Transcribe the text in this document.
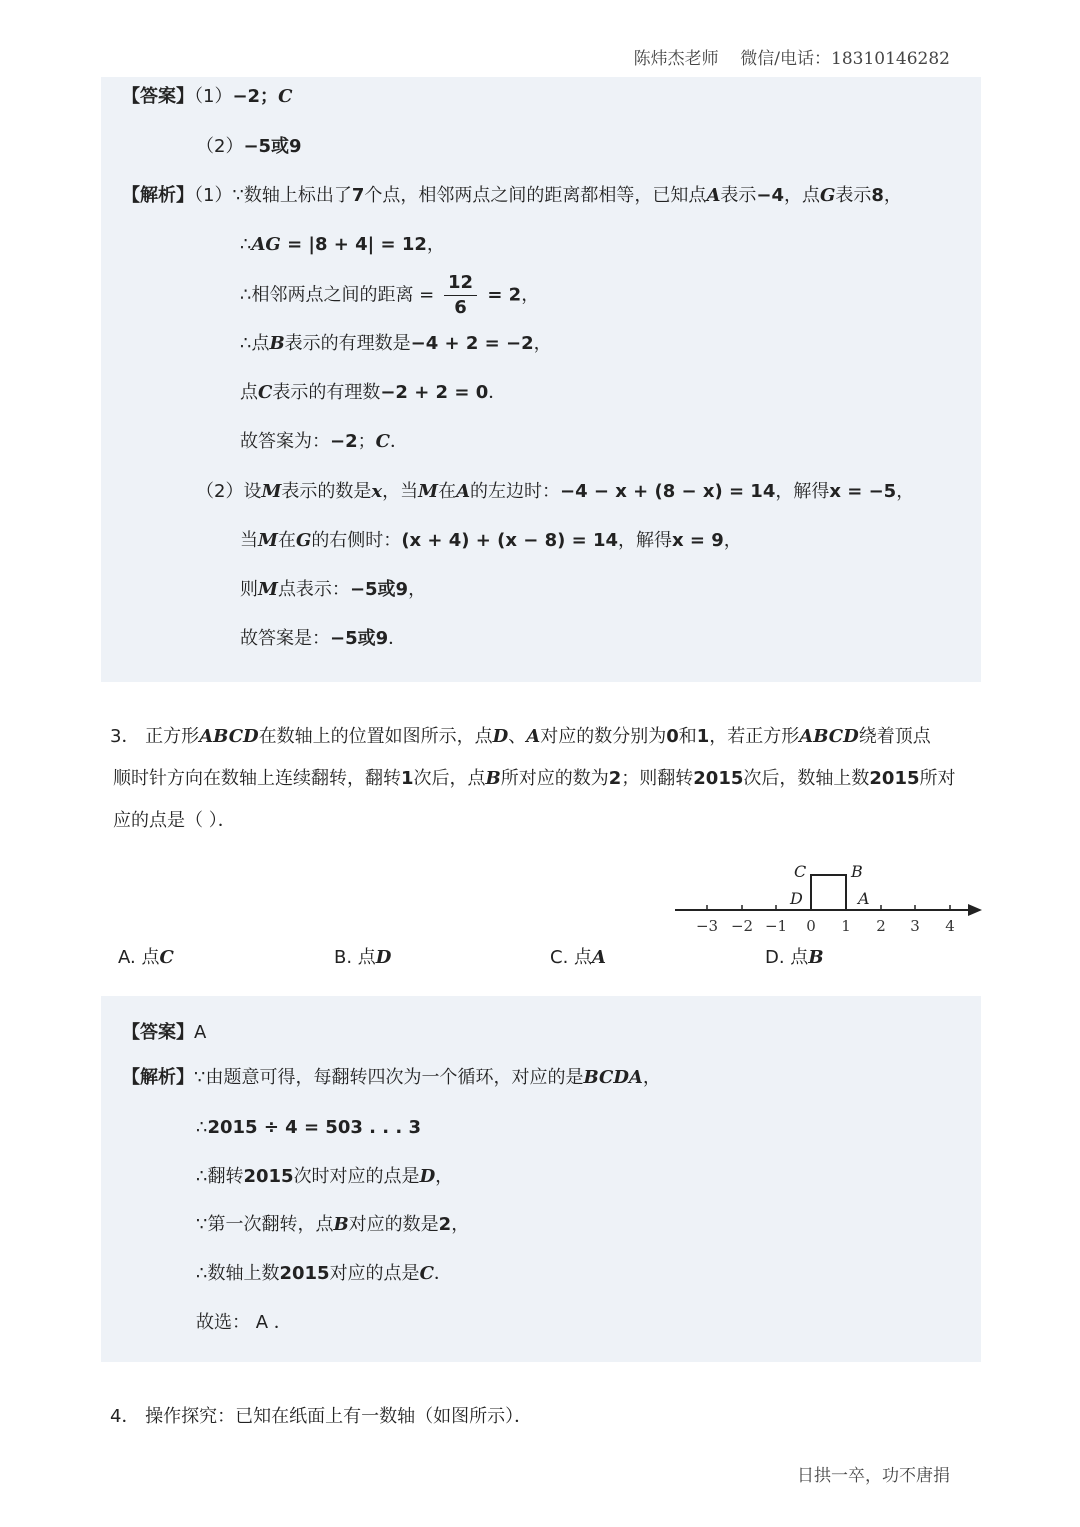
陈炜杰老师 微信/电话：18310146282
【答案】（1）−2；C
（2）−5或9
【解析】（1）∵数轴上标出了7个点，相邻两点之间的距离都相等，已知点A表示−4，点G表示8，
∴AG = |8 + 4| = 12，
∴相邻两点之间的距离 = $\frac{12}{6} = 2$，
∴点B表示的有理数是−4 + 2 = −2，
点C表示的有理数−2 + 2 = 0．
故答案为：−2；C．
（2）设M表示的数是x，当M在A的左边时：−4 − x + (8 − x) = 14，解得x = −5，
当M在G的右侧时：(x + 4) + (x − 8) = 14，解得x = 9，
则M点表示：−5或9，
故答案是：−5或9．
3． 正方形ABCD在数轴上的位置如图所示，点D、A对应的数分别为0和1，若正方形ABCD绕着顶点
顺时针方向在数轴上连续翻转，翻转1次后，点B所对应的数为2；则翻转2015次后，数轴上数2015所对
应的点是（ ）．
−3 −2 −1 0 1 2 3 4
C	B
D	A
A. 点C	B. 点D	C. 点A	D. 点B
【答案】A
【解析】∵由题意可得，每翻转四次为一个循环，对应的是BCDA，
∴2015 ÷ 4 = 503 . . . 3
∴翻转2015次时对应的点是D，
∵第一次翻转，点B对应的数是2，
∴数轴上数2015对应的点是C．
故选： A ．
4． 操作探究：已知在纸面上有一数轴（如图所示）．
日拱一卒，功不唐捐
